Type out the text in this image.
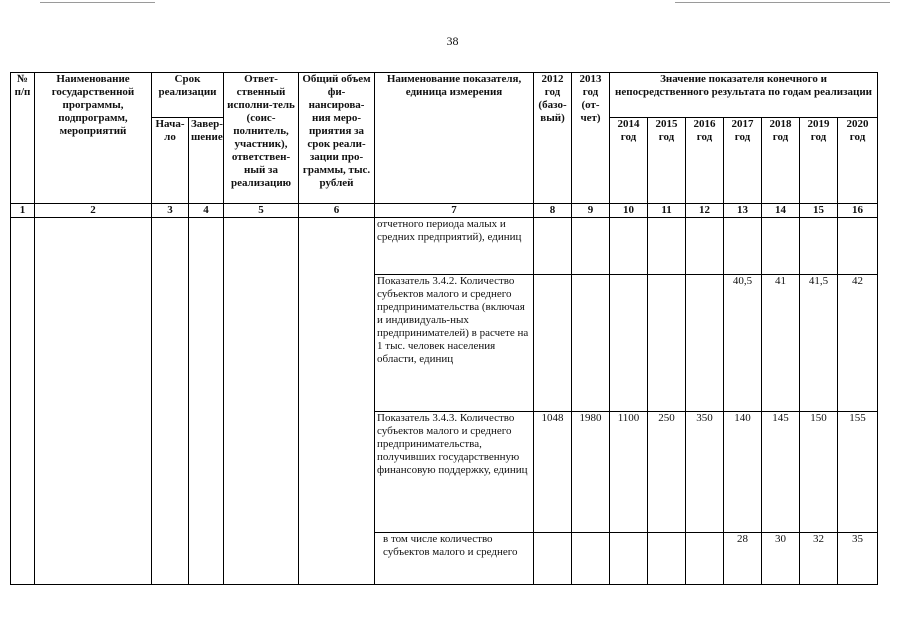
38
№ п/п	Наименование государственной программы, подпрограмм, мероприятий	Срок реализации		Ответ-ственный исполни-тель (соис-полнитель, участник), ответствен-ный за реализацию	Общий объем фи-нансирова-ния меро-приятия за срок реали-зации про-граммы, тыс. рублей	Наименование показателя, единица измерения	2012 год (базо-вый)	2013 год (от-чет)	Значение показателя конечного и непосредственного результата по годам реализации						
		Нача-ло	Завер-шение						2014 год	2015 год	2016 год	2017 год	2018 год	2019 год	2020 год
1	2	3	4	5	6	7	8	9	10	11	12	13	14	15	16
						отчетного периода малых и средних предприятий), единиц									
						Показатель 3.4.2. Количество субъектов малого и среднего предпринимательства (включая и индивидуаль-ных предпринимателей) в расчете на 1 тыс. человек населения области, единиц						40,5	41	41,5	42
						Показатель 3.4.3. Количество субъектов малого и среднего предпринимательства, получивших государственную финансовую поддержку, единиц	1048	1980	1100	250	350	140	145	150	155
						в том числе количество субъектов малого и среднего						28	30	32	35
